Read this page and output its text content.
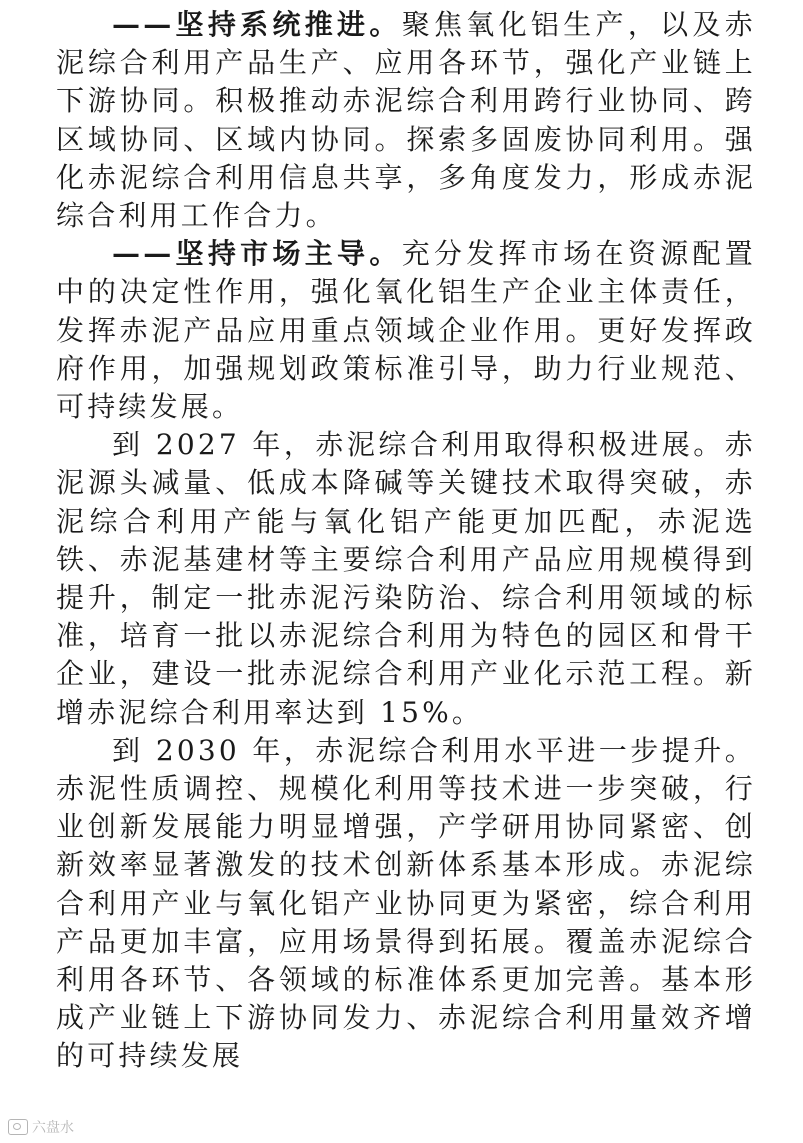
——坚持系统推进。聚焦氧化铝生产，以及赤泥综合利用产品生产、应用各环节，强化产业链上下游协同。积极推动赤泥综合利用跨行业协同、跨区域协同、区域内协同。探索多固废协同利用。强化赤泥综合利用信息共享，多角度发力，形成赤泥综合利用工作合力。

——坚持市场主导。充分发挥市场在资源配置中的决定性作用，强化氧化铝生产企业主体责任，发挥赤泥产品应用重点领域企业作用。更好发挥政府作用，加强规划政策标准引导，助力行业规范、可持续发展。

到 2027 年，赤泥综合利用取得积极进展。赤泥源头减量、低成本降碱等关键技术取得突破，赤泥综合利用产能与氧化铝产能更加匹配，赤泥选铁、赤泥基建材等主要综合利用产品应用规模得到提升，制定一批赤泥污染防治、综合利用领域的标准，培育一批以赤泥综合利用为特色的园区和骨干企业，建设一批赤泥综合利用产业化示范工程。新增赤泥综合利用率达到 15%。

到 2030 年，赤泥综合利用水平进一步提升。赤泥性质调控、规模化利用等技术进一步突破，行业创新发展能力明显增强，产学研用协同紧密、创新效率显著激发的技术创新体系基本形成。赤泥综合利用产业与氧化铝产业协同更为紧密，综合利用产品更加丰富，应用场景得到拓展。覆盖赤泥综合利用各环节、各领域的标准体系更加完善。基本形成产业链上下游协同发力、赤泥综合利用量效齐增的可持续发展

六盘水
